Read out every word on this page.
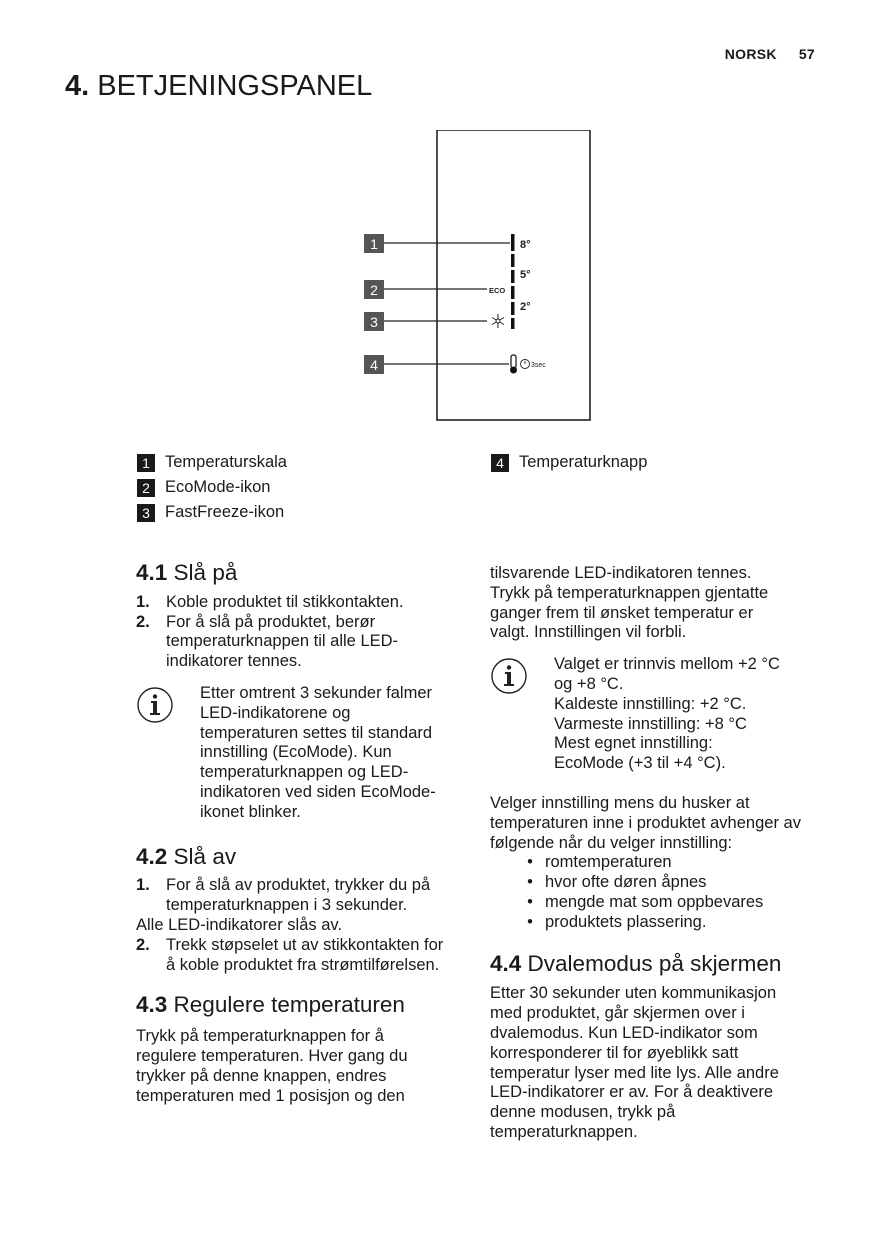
NORSK 57
4. BETJENINGSPANEL
1
2
3
4
8°
5°
2°
ECO
3sec
1 Temperaturskala
2 EcoMode-ikon
3 FastFreeze-ikon
4 Temperaturknapp
4.1 Slå på
1. Koble produktet til stikkontakten.
2. For å slå på produktet, berør temperaturknappen til alle LED-indikatorer tennes.
Etter omtrent 3 sekunder falmer LED-indikatorene og temperaturen settes til standard innstilling (EcoMode). Kun temperaturknappen og LED-indikatoren ved siden EcoMode-ikonet blinker.
4.2 Slå av
1. For å slå av produktet, trykker du på temperaturknappen i 3 sekunder.
Alle LED-indikatorer slås av.
2. Trekk støpselet ut av stikkontakten for å koble produktet fra strømtilførelsen.
4.3 Regulere temperaturen
Trykk på temperaturknappen for å regulere temperaturen. Hver gang du trykker på denne knappen, endres temperaturen med 1 posisjon og den
tilsvarende LED-indikatoren tennes. Trykk på temperaturknappen gjentatte ganger frem til ønsket temperatur er valgt. Innstillingen vil forbli.
Valget er trinnvis mellom +2 °C og +8 °C.
Kaldeste innstilling: +2 °C.
Varmeste innstilling: +8 °C
Mest egnet innstilling: EcoMode (+3 til +4 °C).
Velger innstilling mens du husker at temperaturen inne i produktet avhenger av følgende når du velger innstilling:
• romtemperaturen
• hvor ofte døren åpnes
• mengde mat som oppbevares
• produktets plassering.
4.4 Dvalemodus på skjermen
Etter 30 sekunder uten kommunikasjon med produktet, går skjermen over i dvalemodus. Kun LED-indikator som korresponderer til for øyeblikk satt temperatur lyser med lite lys. Alle andre LED-indikatorer er av. For å deaktivere denne modusen, trykk på temperaturknappen.
